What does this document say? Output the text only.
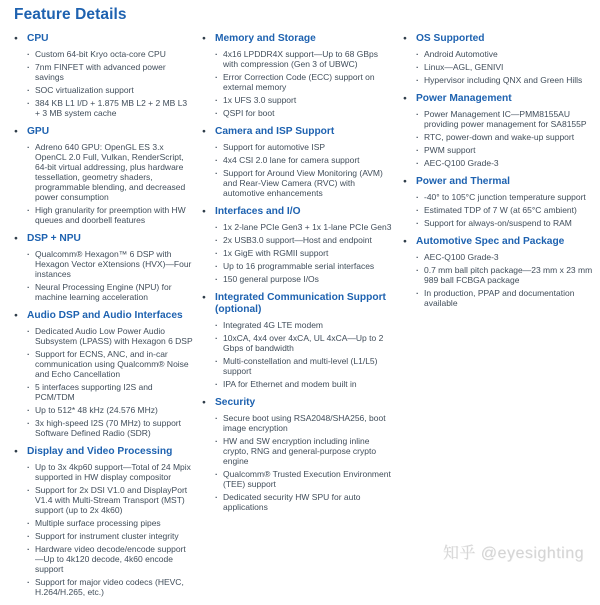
Feature Details
● CPU
· Custom 64-bit Kryo octa-core CPU
· 7nm FINFET with advanced power savings
· SOC virtualization support
· 384 KB L1 I/D + 1.875 MB L2 + 2 MB L3 + 3 MB system cache
● GPU
· Adreno 640 GPU: OpenGL ES 3.x OpenCL 2.0 Full, Vulkan, RenderScript, 64-bit virtual addressing, plus hardware tessellation, geometry shaders, programmable blending, and decreased power consumption
· High granularity for preemption with HW queues and doorbell features
● DSP + NPU
· Qualcomm® Hexagon™ 6 DSP with Hexagon Vector eXtensions (HVX)—Four instances
· Neural Processing Engine (NPU) for machine learning acceleration
● Audio DSP and Audio Interfaces
· Dedicated Audio Low Power Audio Subsystem (LPASS) with Hexagon 6 DSP
· Support for ECNS, ANC, and in-car communication using Qualcomm® Noise and Echo Cancellation
· 5 interfaces supporting I2S and PCM/TDM
· Up to 512* 48 kHz (24.576 MHz)
· 3x high-speed I2S (70 MHz) to support Software Defined Radio (SDR)
● Display and Video Processing
· Up to 3x 4kp60 support—Total of 24 Mpix supported in HW display compositor
· Support for 2x DSI V1.0 and DisplayPort V1.4 with Multi-Stream Transport (MST) support (up to 2x 4k60)
· Multiple surface processing pipes
· Support for instrument cluster integrity
· Hardware video decode/encode support—Up to 4k120 decode, 4k60 encode support
· Support for major video codecs (HEVC, H.264/H.265, etc.)
● Memory and Storage
· 4x16 LPDDR4X support—Up to 68 GBps with compression (Gen 3 of UBWC)
· Error Correction Code (ECC) support on external memory
· 1x UFS 3.0 support
· QSPI for boot
● Camera and ISP Support
· Support for automotive ISP
· 4x4 CSI 2.0 lane for camera support
· Support for Around View Monitoring (AVM) and Rear-View Camera (RVC) with automotive enhancements
● Interfaces and I/O
· 1x 2-lane PCIe Gen3 + 1x 1-lane PCIe Gen3
· 2x USB3.0 support—Host and endpoint
· 1x GigE with RGMII support
· Up to 16 programmable serial interfaces
· 150 general purpose I/Os
● Integrated Communication Support (optional)
· Integrated 4G LTE modem
· 10xCA, 4x4 over 4xCA, UL 4xCA—Up to 2 Gbps of bandwidth
· Multi-constellation and multi-level (L1/L5) support
· IPA for Ethernet and modem built in
● Security
· Secure boot using RSA2048/SHA256, boot image encryption
· HW and SW encryption including inline crypto, RNG and general-purpose crypto engine
· Qualcomm® Trusted Execution Environment (TEE) support
· Dedicated security HW SPU for auto applications
● OS Supported
· Android Automotive
· Linux—AGL, GENIVI
· Hypervisor including QNX and Green Hills
● Power Management
· Power Management IC—PMM8155AU providing power management for SA8155P
· RTC, power-down and wake-up support
· PWM support
· AEC-Q100 Grade-3
● Power and Thermal
· -40° to 105°C junction temperature support
· Estimated TDP of 7 W (at 65°C ambient)
· Support for always-on/suspend to RAM
● Automotive Spec and Package
· AEC-Q100 Grade-3
· 0.7 mm ball pitch package—23 mm x 23 mm 989 ball FCBGA package
· In production, PPAP and documentation available
知乎 @eyesighting
